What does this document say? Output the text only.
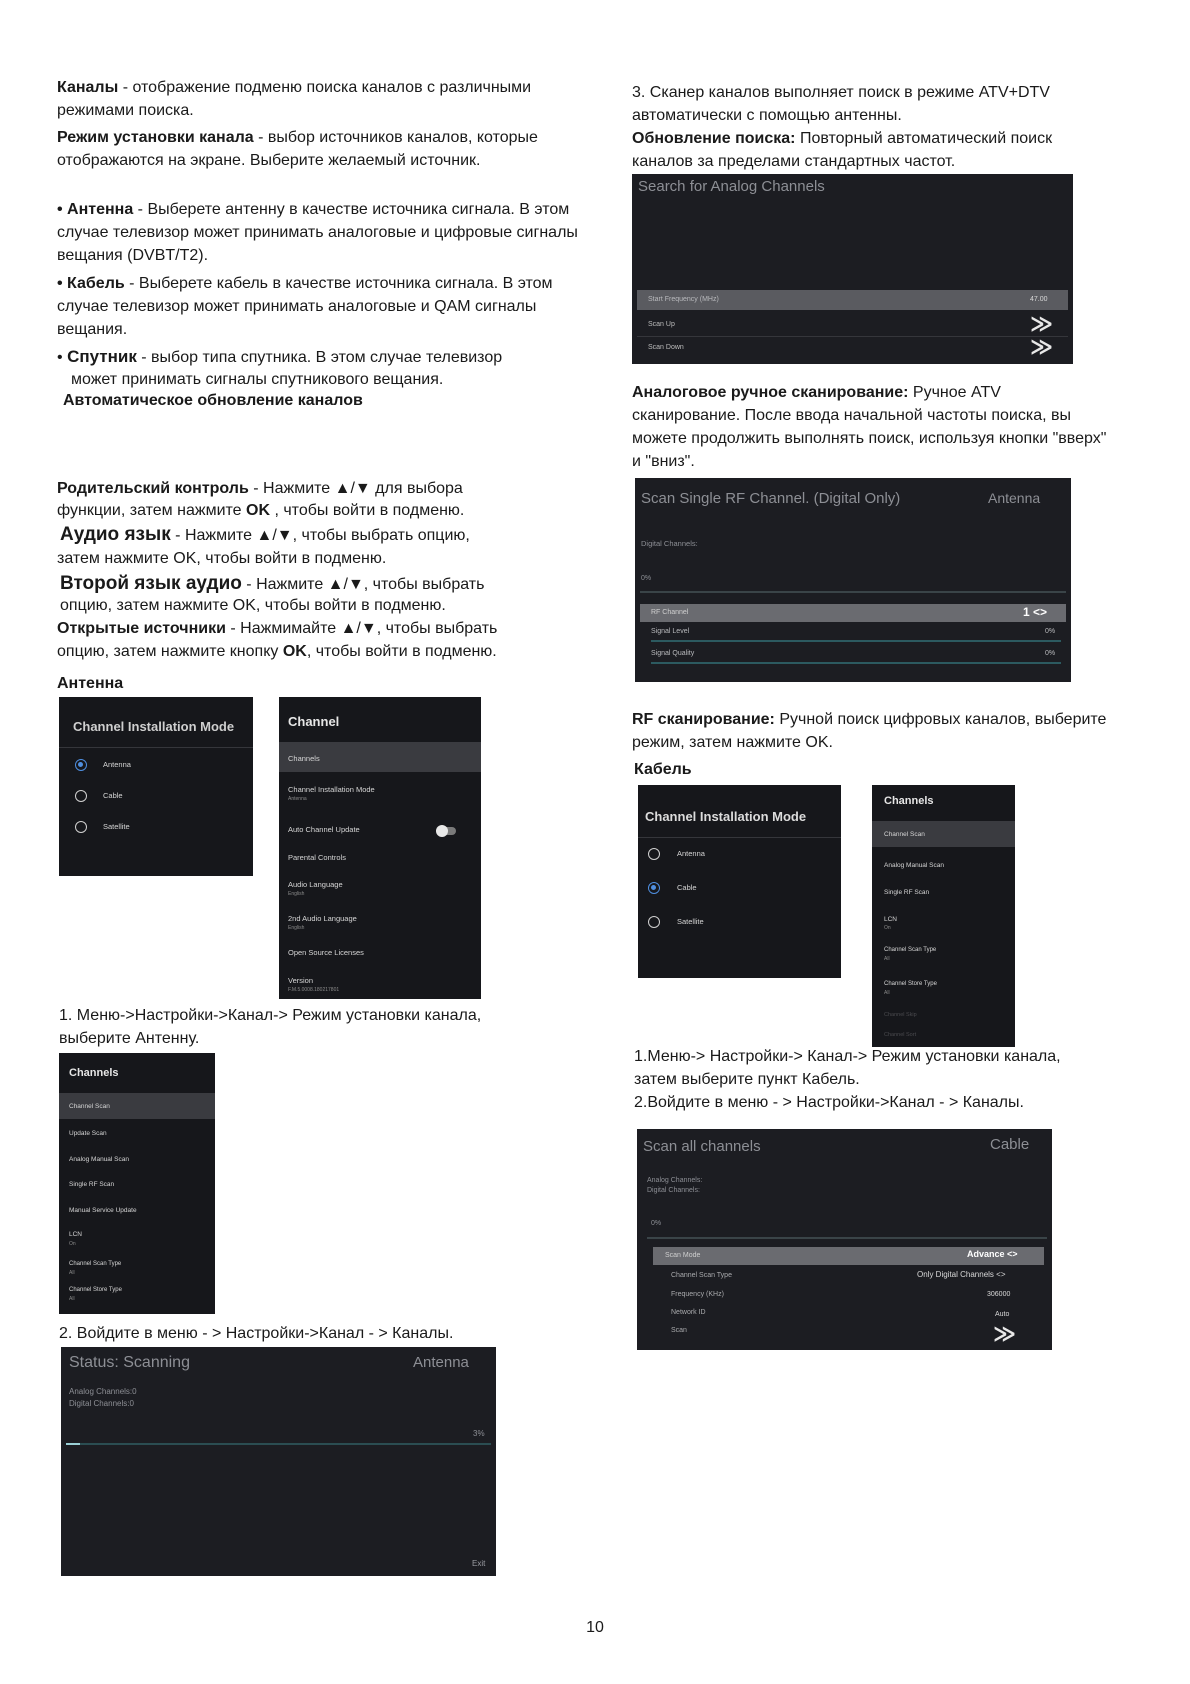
Каналы - отображение подменю поиска каналов с различными режимами поиска.
Режим установки канала - выбор источников каналов, которые отображаются на экране. Выберите желаемый источник.
• Антенна - Выберете антенну в качестве источника сигнала. В этом случае телевизор может принимать аналоговые и цифровые сигналы вещания (DVBT/T2).
• Кабель - Выберете кабель в качестве источника сигнала. В этом случае телевизор может принимать аналоговые и QAM сигналы вещания.
• Спутник - выбор типа спутника. В этом случае телевизор
может принимать сигналы спутникового вещания.
Автоматическое обновление каналов
Родительский контроль - Нажмите ▲/▼ для выбора
функции, затем нажмите OK , чтобы войти в подменю.
Аудио язык - Нажмите ▲/▼, чтобы выбрать опцию,
затем нажмите OK, чтобы войти в подменю.
Второй язык аудио - Нажмите ▲/▼, чтобы выбрать
опцию, затем нажмите OK, чтобы войти в подменю.
Открытые источники - Нажмимайте ▲/▼, чтобы выбрать
опцию, затем нажмите кнопку OK, чтобы войти в подменю.
Антенна
Channel Installation Mode
Antenna
Cable
Satellite
Channel
Channels
Channel Installation Mode
Antenna
Auto Channel Update
Parental Controls
Audio Language
English
2nd Audio Language
English
Open Source Licenses
Version
F.M.5.0008.180217801
1. Меню->Настройки->Канал-> Режим установки канала, выберите Антенну.
Channels
Channel Scan
Update Scan
Analog Manual Scan
Single RF Scan
Manual Service Update
LCN
On
Channel Scan Type
All
Channel Store Type
All
2. Войдите в меню - > Настройки->Канал - > Каналы.
Status: Scanning	Antenna
Analog Channels:0
Digital Channels:0
3%
Exit
3. Сканер каналов выполняет поиск в режиме ATV+DTV автоматически с помощью антенны.
Обновление поиска: Повторный автоматический поиск каналов за пределами стандартных частот.
Search for Analog Channels
Start Frequency (MHz)	47.00
Scan Up	≫
Scan Down	≫
Аналоговое ручное сканирование: Ручное ATV сканирование. После ввода начальной частоты поиска, вы можете продолжить выполнять поиск, используя кнопки "вверх" и "вниз".
Scan Single RF Channel. (Digital Only)	Antenna
Digital Channels:
0%
RF Channel	1 <>
Signal Level	0%
Signal Quality	0%
RF сканирование: Ручной поиск цифровых каналов, выберите режим, затем нажмите OK.
Кабель
Channel Installation Mode
Antenna
Cable
Satellite
Channels
Channel Scan
Analog Manual Scan
Single RF Scan
LCN
On
Channel Scan Type
All
Channel Store Type
All
Channel Skip
Channel Sort
1.Меню-> Настройки-> Канал-> Режим установки канала, затем выберите пункт Кабель.
2.Войдите в меню - > Настройки->Канал - > Каналы.
Scan all channels	Cable
Analog Channels:
Digital Channels:
0%
Scan Mode	Advance <>
Channel Scan Type	Only Digital Channels <>
Frequency (KHz)	306000
Network ID	Auto
Scan	≫
10
